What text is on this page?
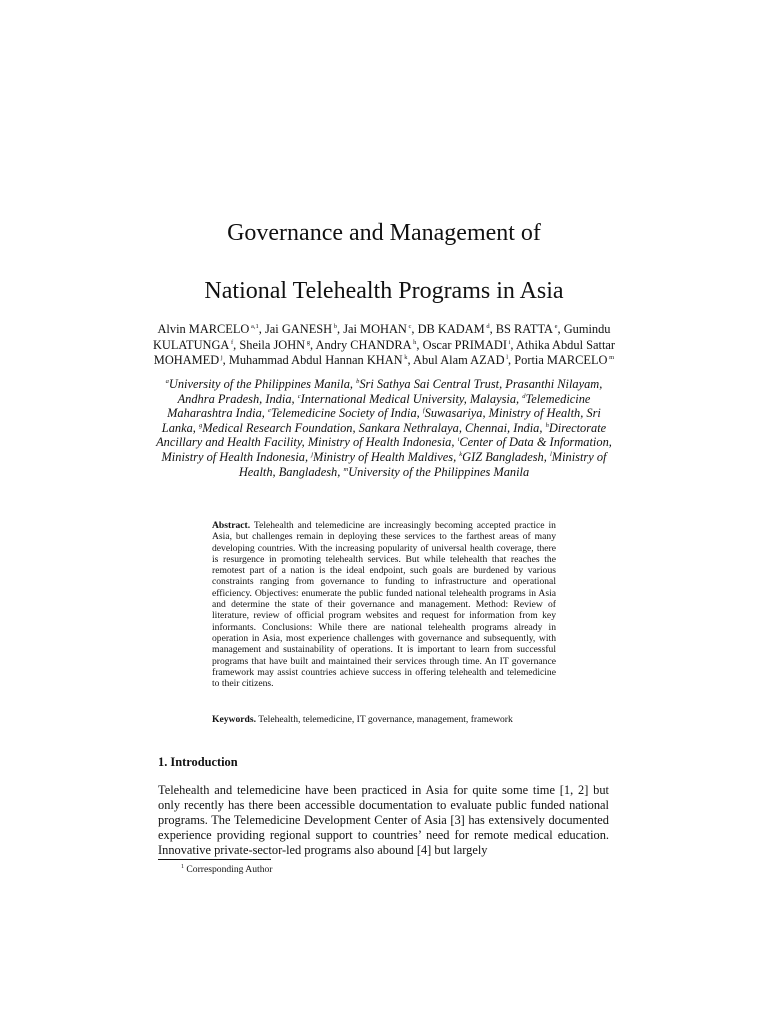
Governance and Management of
National Telehealth Programs in Asia
Alvin MARCELO $^{a,1}$, Jai GANESH $^b$, Jai MOHAN $^c$, DB KADAM $^d$, BS RATTA $^e$, Gumindu KULATUNGA $^f$, Sheila JOHN $^g$, Andry CHANDRA $^h$, Oscar PRIMADI $^i$, Athika Abdul Sattar MOHAMED $^j$, Muhammad Abdul Hannan KHAN $^k$, Abul Alam AZAD $^l$, Portia MARCELO $^m$
$^a$University of the Philippines Manila, $^b$Sri Sathya Sai Central Trust, Prasanthi Nilayam, Andhra Pradesh, India, $^c$International Medical University, Malaysia, $^d$Telemedicine Maharashtra India, $^e$Telemedicine Society of India, $^f$Suwasariya, Ministry of Health, Sri Lanka, $^g$Medical Research Foundation, Sankara Nethralaya, Chennai, India, $^h$Directorate Ancillary and Health Facility, Ministry of Health Indonesia, $^i$Center of Data & Information, Ministry of Health Indonesia, $^j$Ministry of Health Maldives, $^k$GIZ Bangladesh, $^l$Ministry of Health, Bangladesh, $^m$University of the Philippines Manila
Abstract. Telehealth and telemedicine are increasingly becoming accepted practice in Asia, but challenges remain in deploying these services to the farthest areas of many developing countries. With the increasing popularity of universal health coverage, there is resurgence in promoting telehealth services. But while telehealth that reaches the remotest part of a nation is the ideal endpoint, such goals are burdened by various constraints ranging from governance to funding to infrastructure and operational efficiency. Objectives: enumerate the public funded national telehealth programs in Asia and determine the state of their governance and management. Method: Review of literature, review of official program websites and request for information from key informants. Conclusions: While there are national telehealth programs already in operation in Asia, most experience challenges with governance and subsequently, with management and sustainability of operations. It is important to learn from successful programs that have built and maintained their services through time. An IT governance framework may assist countries achieve success in offering telehealth and telemedicine to their citizens.
Keywords. Telehealth, telemedicine, IT governance, management, framework
1. Introduction
Telehealth and telemedicine have been practiced in Asia for quite some time [1, 2] but only recently has there been accessible documentation to evaluate public funded national programs. The Telemedicine Development Center of Asia [3] has extensively documented experience providing regional support to countries’ need for remote medical education. Innovative private-sector-led programs also abound [4] but largely
$^1$ Corresponding Author
